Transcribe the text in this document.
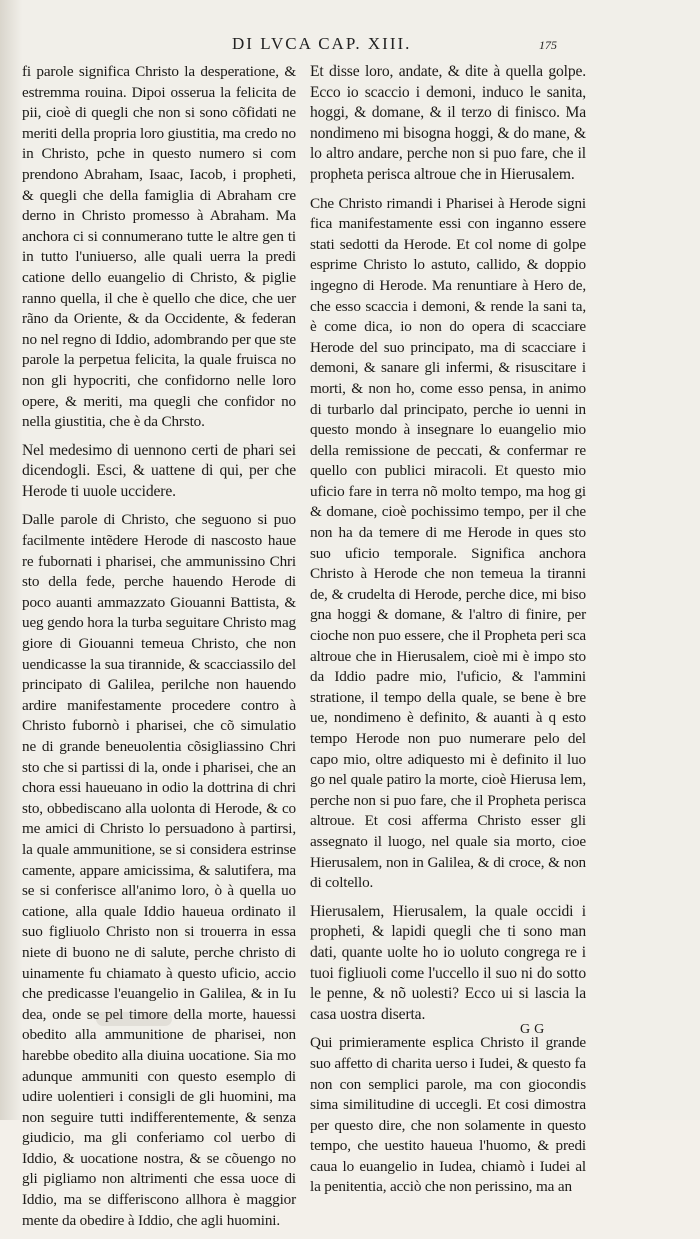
DI LVCA CAP. XIII.	175

fi parole significa Christo la desperatione, & estremma rouina. Dipoi osserua la felicita de pii, cioè di quegli che non si sono cõfidati ne meriti della propria loro giustitia, ma credo no in Christo, pche in questo numero si com prendono Abraham, Isaac, Iacob, i propheti, & quegli che della famiglia di Abraham cre derno in Christo promesso à Abraham. Ma anchora ci si connumerano tutte le altre gen ti in tutto l'uniuerso, alle quali uerra la predi catione dello euangelio di Christo, & piglie ranno quella, il che è quello che dice, che uer rãno da Oriente, & da Occidente, & federan no nel regno di Iddio, adombrando per que ste parole la perpetua felicita, la quale fruisca no non gli hypocriti, che confidorno nelle loro opere, & meriti, ma quegli che confidor no nella giustitia, che è da Chrsto.

Nel medesimo di uennono certi de phari sei dicendogli. Esci, & uattene di qui, per che Herode ti uuole uccidere.

Dalle parole di Christo, che seguono si puo facilmente intẽdere Herode di nascosto haue re fubornati i pharisei, che ammunissino Chri sto della fede, perche hauendo Herode di poco auanti ammazzato Giouanni Battista, & ueg gendo hora la turba seguitare Christo mag giore di Giouanni temeua Christo, che non uendicasse la sua tirannide, & scacciassilo del principato di Galilea, perilche non hauendo ardire manifestamente procedere contro à Christo fubornò i pharisei, che cõ simulatio ne di grande beneuolentia cõsigliassino Chri sto che si partissi di la, onde i pharisei, che an chora essi haueuano in odio la dottrina di chri sto, obbediscano alla uolonta di Herode, & co me amici di Christo lo persuadono à partirsi, la quale ammunitione, se si considera estrinse camente, appare amicissima, & salutifera, ma se si conferisce all'animo loro, ò à quella uo catione, alla quale Iddio haueua ordinato il suo figliuolo Christo non si trouerra in essa niete di buono ne di salute, perche christo di uinamente fu chiamato à questo uficio, accio che predicasse l'euangelio in Galilea, & in Iu dea, onde se pel timore della morte, hauessi obedito alla ammunitione de pharisei, non harebbe obedito alla diuina uocatione. Sia mo adunque ammuniti con questo esemplo di udire uolentieri i consigli de gli huomini, ma non seguire tutti indifferentemente, & senza giudicio, ma gli conferiamo col uerbo di Iddio, & uocatione nostra, & se cõuengo no gli pigliamo non altrimenti che essa uoce di Iddio, ma se differiscono allhora è maggior mente da obedire à Iddio, che agli huomini.

Et disse loro, andate, & dite à quella golpe. Ecco io scaccio i demoni, induco le sanita, hoggi, & domane, & il terzo di finisco. Ma nondimeno mi bisogna hoggi, & do mane, & lo altro andare, perche non si puo fare, che il propheta perisca altroue che in Hierusalem.

Che Christo rimandi i Pharisei à Herode signi fica manifestamente essi con inganno essere stati sedotti da Herode. Et col nome di golpe esprime Christo lo astuto, callido, & doppio ingegno di Herode. Ma renuntiare à Hero de, che esso scaccia i demoni, & rende la sani ta, è come dica, io non do opera di scacciare Herode del suo principato, ma di scacciare i demoni, & sanare gli infermi, & risuscitare i morti, & non ho, come esso pensa, in animo di turbarlo dal principato, perche io uenni in questo mondo à insegnare lo euangelio mio della remissione de peccati, & confermar re quello con publici miracoli. Et questo mio uficio fare in terra nõ molto tempo, ma hog gi & domane, cioè pochissimo tempo, per il che non ha da temere di me Herode in ques sto suo uficio temporale. Significa anchora Christo à Herode che non temeua la tiranni de, & crudelta di Herode, perche dice, mi biso gna hoggi & domane, & l'altro di finire, per cioche non puo essere, che il Propheta peri sca altroue che in Hierusalem, cioè mi è impo sto da Iddio padre mio, l'uficio, & l'ammini stratione, il tempo della quale, se bene è bre ue, nondimeno è definito, & auanti à q esto tempo Herode non puo numerare pelo del capo mio, oltre adiquesto mi è definito il luo go nel quale patiro la morte, cioè Hierusa lem, perche non si puo fare, che il Propheta perisca altroue. Et cosi afferma Christo esser gli assegnato il luogo, nel quale sia morto, cioe Hierusalem, non in Galilea, & di croce, & non di coltello.

Hierusalem, Hierusalem, la quale occidi i propheti, & lapidi quegli che ti sono man dati, quante uolte ho io uoluto congrega re i tuoi figliuoli come l'uccello il suo ni do sotto le penne, & nõ uolesti? Ecco ui si lascia la casa uostra diserta.

Qui primieramente esplica Christo il grande suo affetto di charita uerso i Iudei, & questo fa non con semplici parole, ma con giocondis sima similitudine di uccegli. Et cosi dimostra per questo dire, che non solamente in questo tempo, che uestito haueua l'huomo, & predi caua lo euangelio in Iudea, chiamò i Iudei al la penitentia, acciò che non perissino, ma an

GG
